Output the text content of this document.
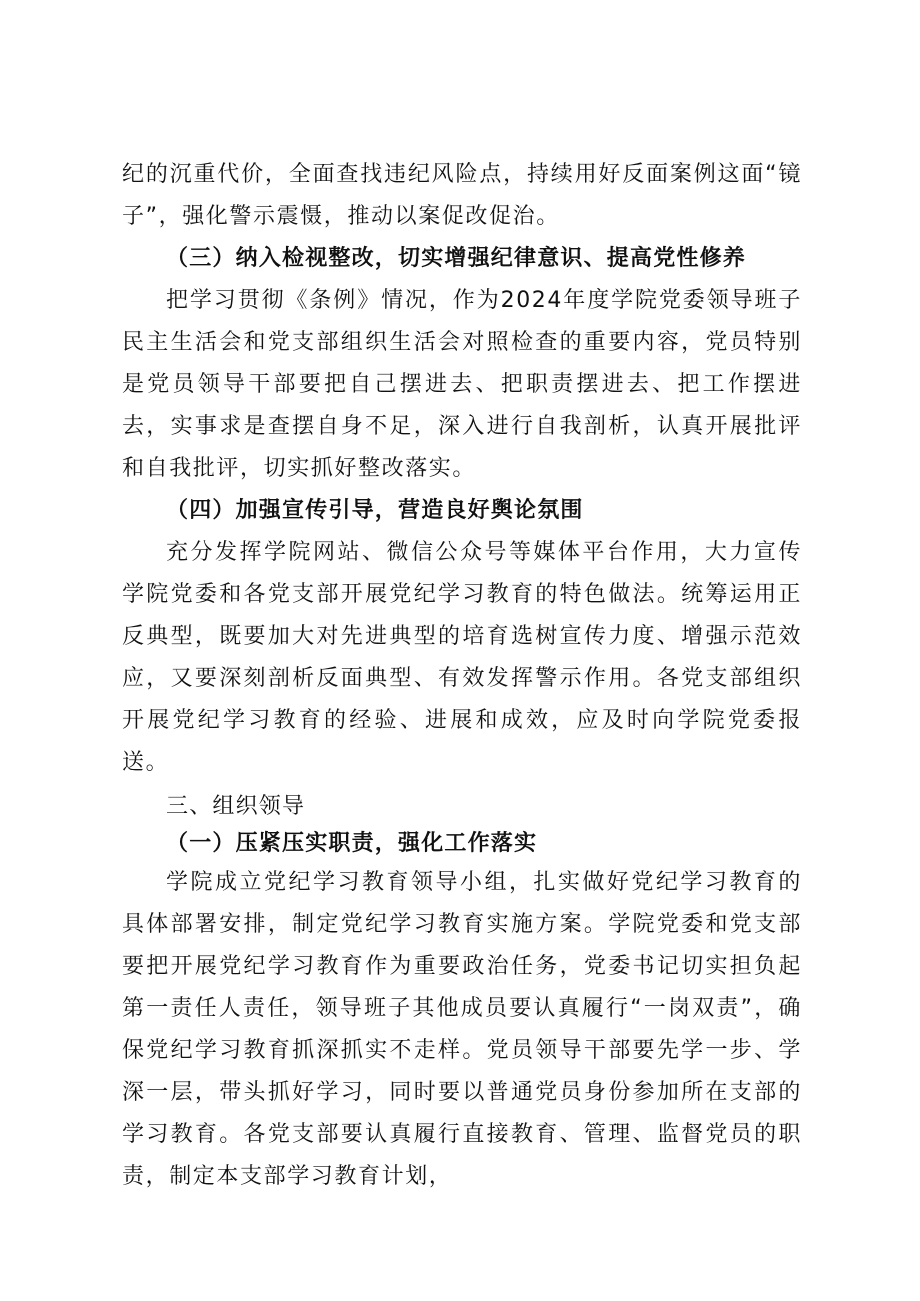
纪的沉重代价，全面查找违纪风险点，持续用好反面案例这面“镜子”，强化警示震慑，推动以案促改促治。

（三）纳入检视整改，切实增强纪律意识、提高党性修养

把学习贯彻《条例》情况，作为2024年度学院党委领导班子民主生活会和党支部组织生活会对照检查的重要内容，党员特别是党员领导干部要把自己摆进去、把职责摆进去、把工作摆进去，实事求是查摆自身不足，深入进行自我剖析，认真开展批评和自我批评，切实抓好整改落实。

（四）加强宣传引导，营造良好舆论氛围

充分发挥学院网站、微信公众号等媒体平台作用，大力宣传学院党委和各党支部开展党纪学习教育的特色做法。统筹运用正反典型，既要加大对先进典型的培育选树宣传力度、增强示范效应，又要深刻剖析反面典型、有效发挥警示作用。各党支部组织开展党纪学习教育的经验、进展和成效，应及时向学院党委报送。

三、组织领导

（一）压紧压实职责，强化工作落实

学院成立党纪学习教育领导小组，扎实做好党纪学习教育的具体部署安排，制定党纪学习教育实施方案。学院党委和党支部要把开展党纪学习教育作为重要政治任务，党委书记切实担负起第一责任人责任，领导班子其他成员要认真履行“一岗双责”，确保党纪学习教育抓深抓实不走样。党员领导干部要先学一步、学深一层，带头抓好学习，同时要以普通党员身份参加所在支部的学习教育。各党支部要认真履行直接教育、管理、监督党员的职责，制定本支部学习教育计划，
